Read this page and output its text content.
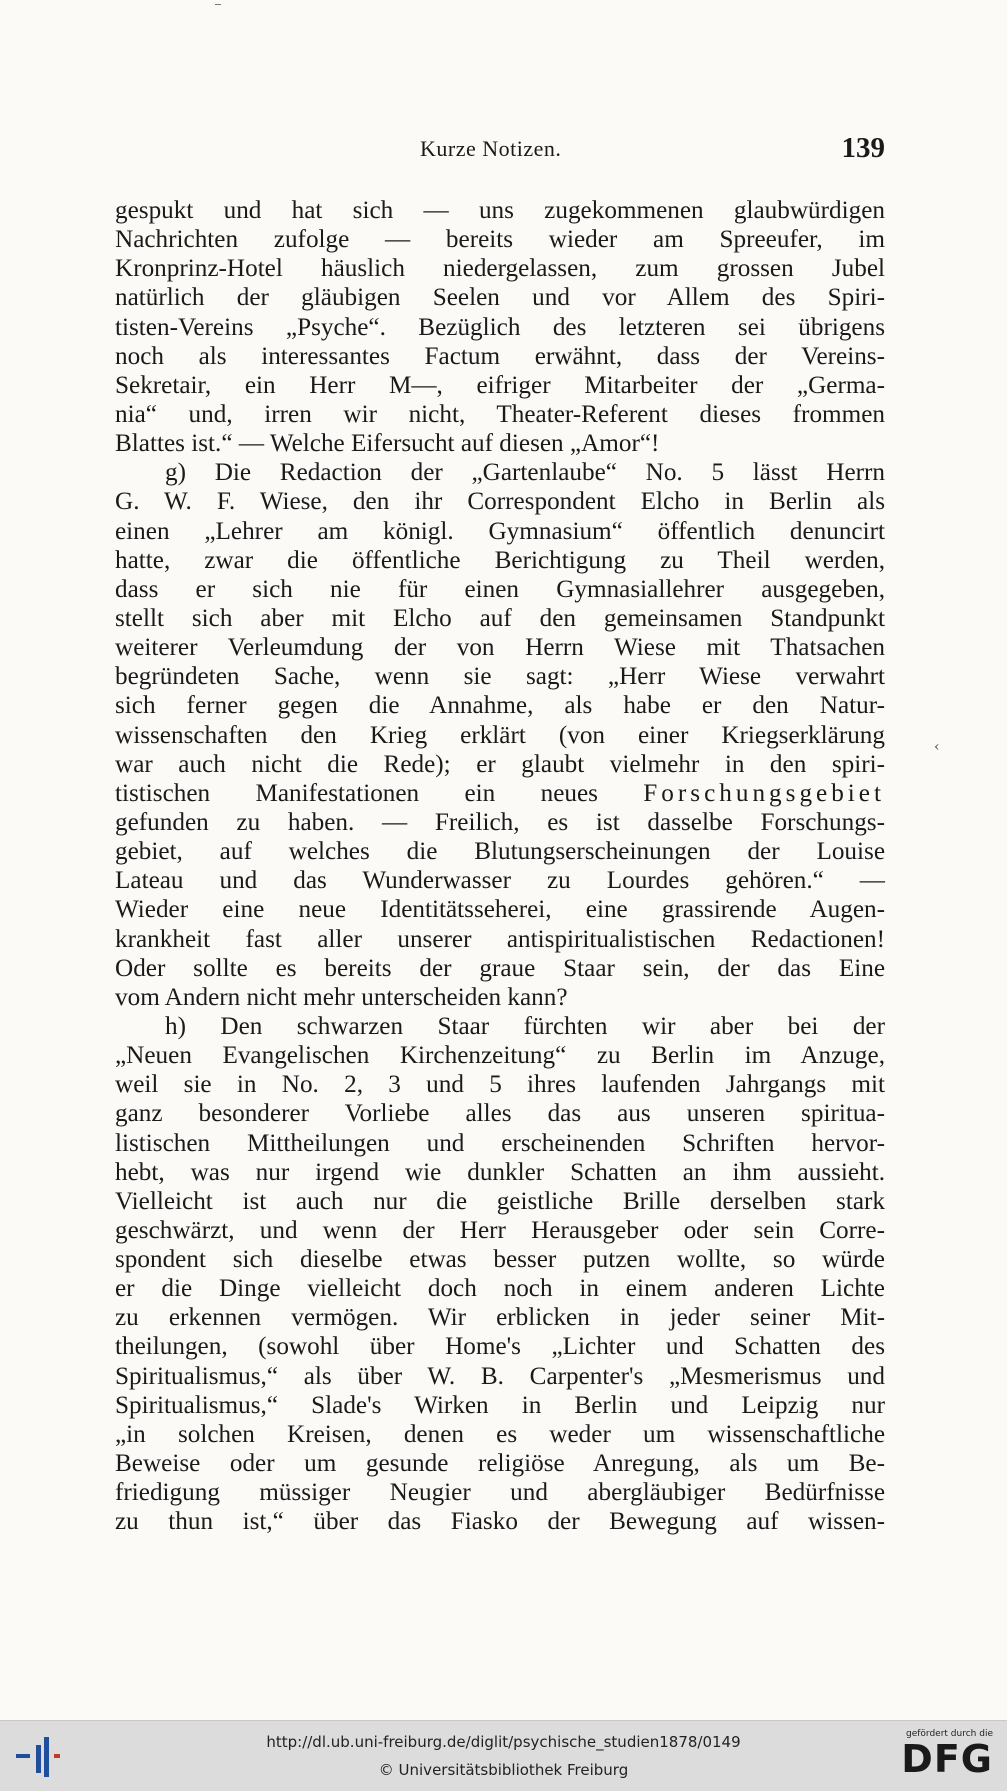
Kurze Notizen.	139
gespukt und hat sich — uns zugekommenen glaubwürdigen
Nachrichten zufolge — bereits wieder am Spreeufer, im
Kronprinz-Hotel häuslich niedergelassen, zum grossen Jubel
natürlich der gläubigen Seelen und vor Allem des Spiri-
tisten-Vereins „Psyche“. Bezüglich des letzteren sei übrigens
noch als interessantes Factum erwähnt, dass der Vereins-
Sekretair, ein Herr M—, eifriger Mitarbeiter der „Germa-
nia“ und, irren wir nicht, Theater-Referent dieses frommen
Blattes ist.“ — Welche Eifersucht auf diesen „Amor“!
g) Die Redaction der „Gartenlaube“ No. 5 lässt Herrn
G. W. F. Wiese, den ihr Correspondent Elcho in Berlin als
einen „Lehrer am königl. Gymnasium“ öffentlich denuncirt
hatte, zwar die öffentliche Berichtigung zu Theil werden,
dass er sich nie für einen Gymnasiallehrer ausgegeben,
stellt sich aber mit Elcho auf den gemeinsamen Standpunkt
weiterer Verleumdung der von Herrn Wiese mit Thatsachen
begründeten Sache, wenn sie sagt: „Herr Wiese verwahrt
sich ferner gegen die Annahme, als habe er den Natur-
wissenschaften den Krieg erklärt (von einer Kriegserklärung
war auch nicht die Rede); er glaubt vielmehr in den spiri-
tistischen Manifestationen ein neues Forschungsgebiet
gefunden zu haben. — Freilich, es ist dasselbe Forschungs-
gebiet, auf welches die Blutungserscheinungen der Louise
Lateau und das Wunderwasser zu Lourdes gehören.“ —
Wieder eine neue Identitätsseherei, eine grassirende Augen-
krankheit fast aller unserer antispiritualistischen Redactionen!
Oder sollte es bereits der graue Staar sein, der das Eine
vom Andern nicht mehr unterscheiden kann?
h) Den schwarzen Staar fürchten wir aber bei der
„Neuen Evangelischen Kirchenzeitung“ zu Berlin im Anzuge,
weil sie in No. 2, 3 und 5 ihres laufenden Jahrgangs mit
ganz besonderer Vorliebe alles das aus unseren spiritua-
listischen Mittheilungen und erscheinenden Schriften hervor-
hebt, was nur irgend wie dunkler Schatten an ihm aussieht.
Vielleicht ist auch nur die geistliche Brille derselben stark
geschwärzt, und wenn der Herr Herausgeber oder sein Corre-
spondent sich dieselbe etwas besser putzen wollte, so würde
er die Dinge vielleicht doch noch in einem anderen Lichte
zu erkennen vermögen. Wir erblicken in jeder seiner Mit-
theilungen, (sowohl über Home's „Lichter und Schatten des
Spiritualismus,“ als über W. B. Carpenter's „Mesmerismus und
Spiritualismus,“ Slade's Wirken in Berlin und Leipzig nur
„in solchen Kreisen, denen es weder um wissenschaftliche
Beweise oder um gesunde religiöse Anregung, als um Be-
friedigung müssiger Neugier und abergläubiger Bedürfnisse
zu thun ist,“ über das Fiasko der Bewegung auf wissen-
‹
http://dl.ub.uni-freiburg.de/diglit/psychische_studien1878/0149
© Universitätsbibliothek Freiburg
gefördert durch die
DFG
